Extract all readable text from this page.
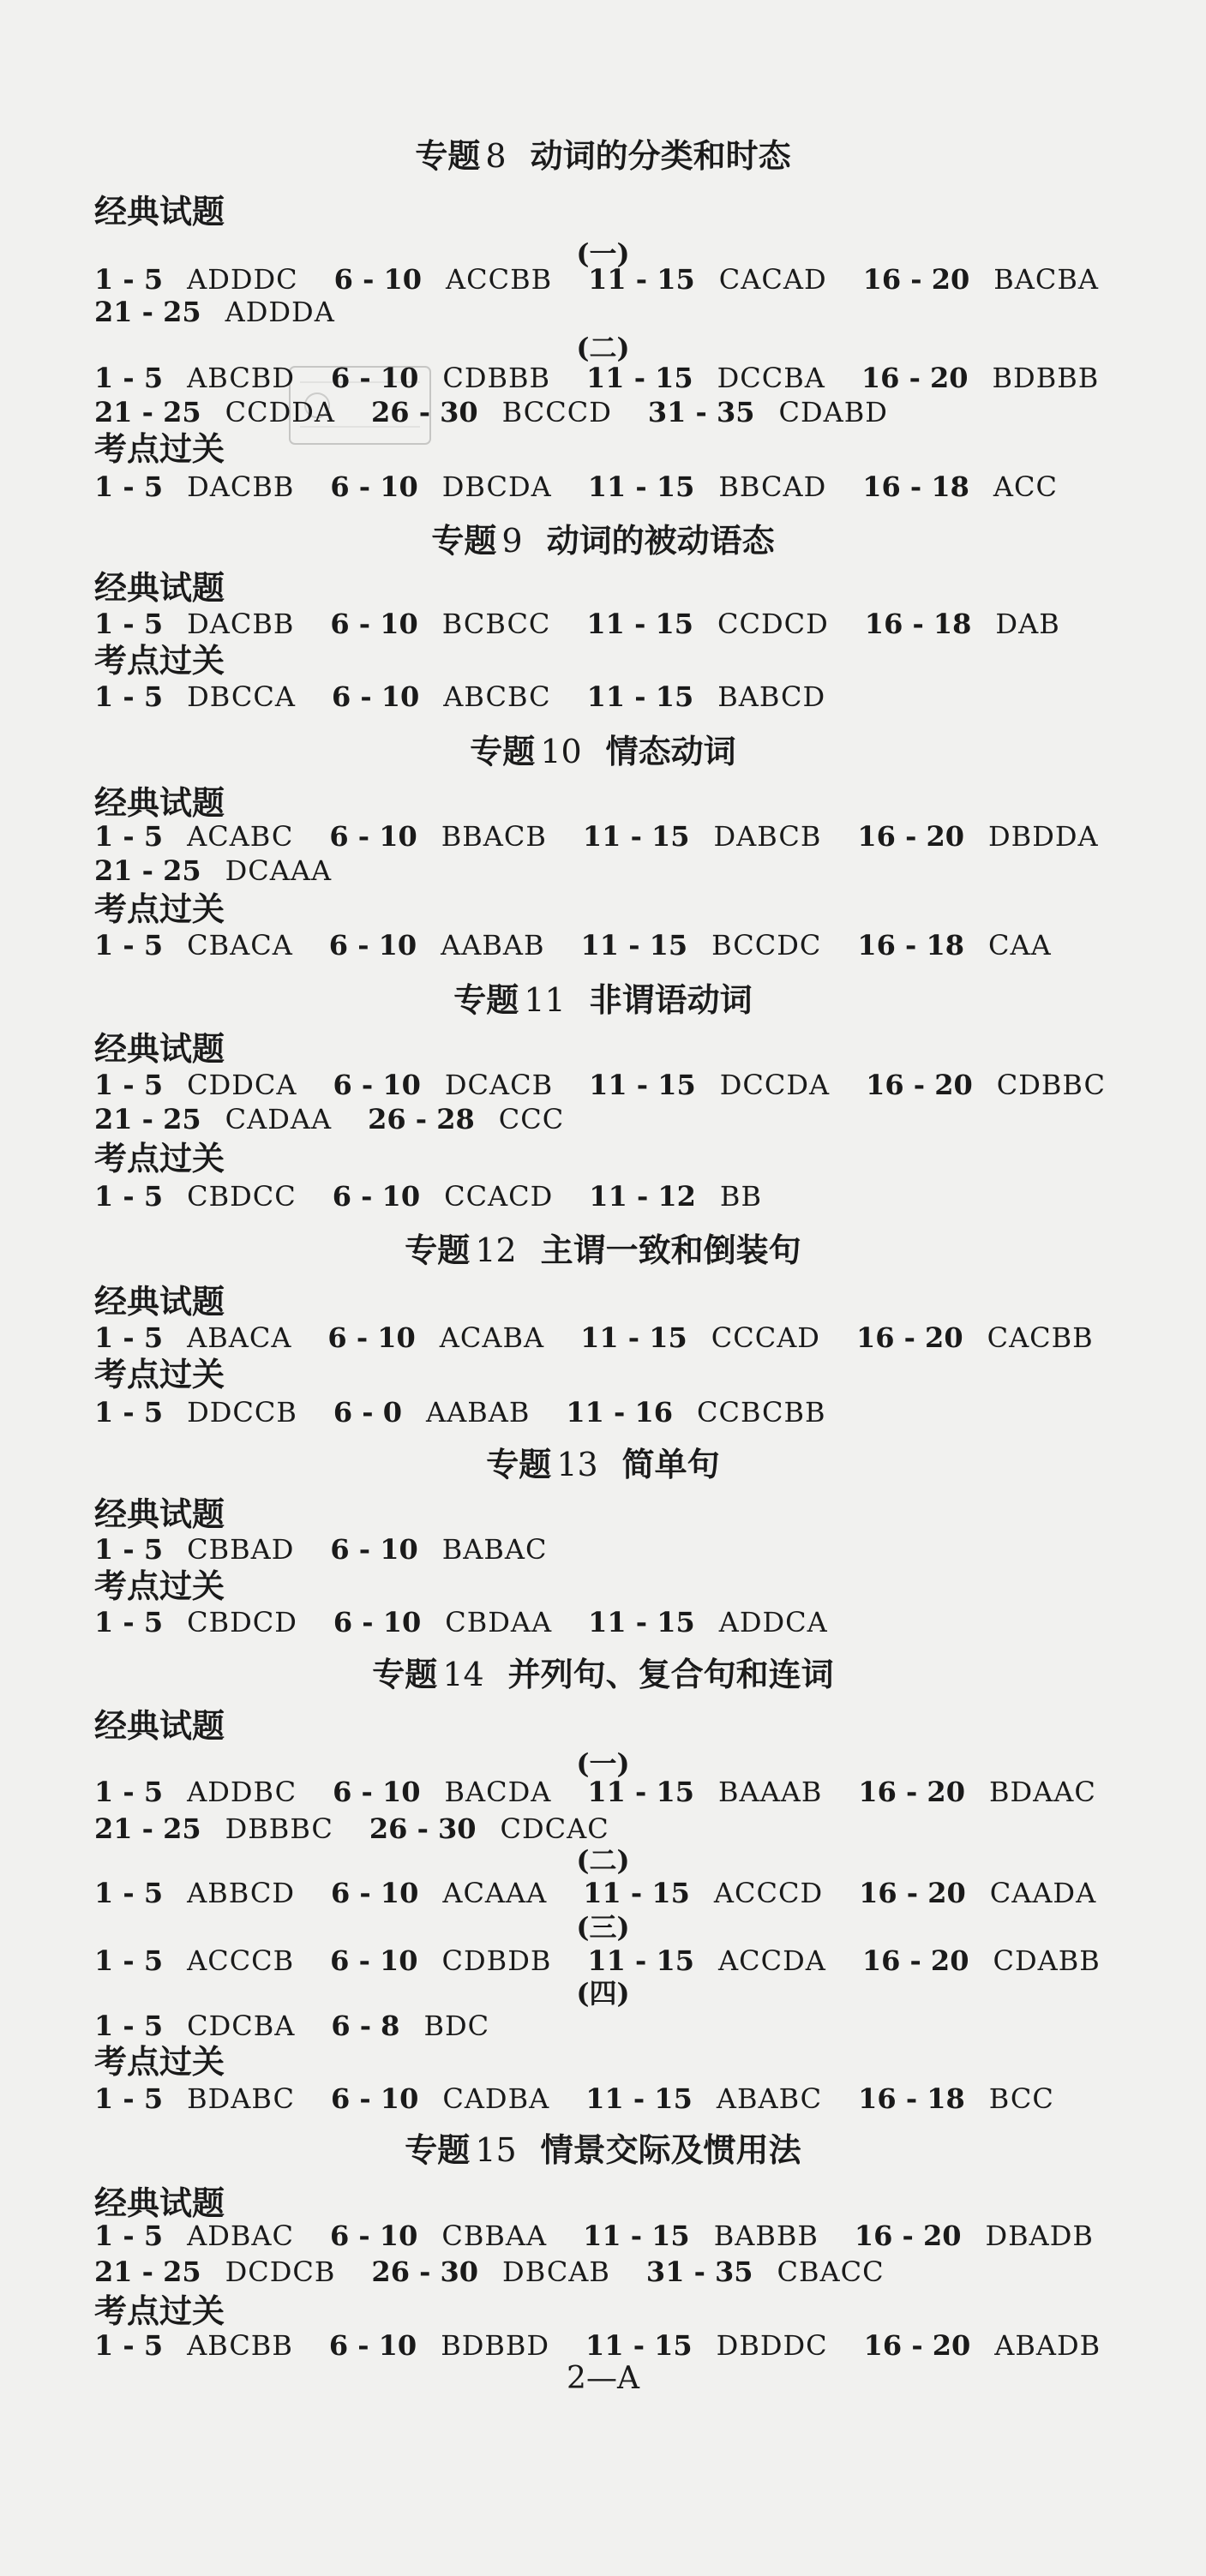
2—A
专题 8 动词的分类和时态
经典试题
(一)
1 - 5 ADDDC 6 - 10 ACCBB 11 - 15 CACAD 16 - 20 BACBA
21 - 25 ADDDA
(二)
1 - 5 ABCBD 6 - 10 CDBBB 11 - 15 DCCBA 16 - 20 BDBBB
21 - 25 CCDDA 26 - 30 BCCCD 31 - 35 CDABD
考点过关
1 - 5 DACBB 6 - 10 DBCDA 11 - 15 BBCAD 16 - 18 ACC
专题 9 动词的被动语态
经典试题
1 - 5 DACBB 6 - 10 BCBCC 11 - 15 CCDCD 16 - 18 DAB
考点过关
1 - 5 DBCCA 6 - 10 ABCBC 11 - 15 BABCD
专题 10 情态动词
经典试题
1 - 5 ACABC 6 - 10 BBACB 11 - 15 DABCB 16 - 20 DBDDA
21 - 25 DCAAA
考点过关
1 - 5 CBACA 6 - 10 AABAB 11 - 15 BCCDC 16 - 18 CAA
专题 11 非谓语动词
经典试题
1 - 5 CDDCA 6 - 10 DCACB 11 - 15 DCCDA 16 - 20 CDBBC
21 - 25 CADAA 26 - 28 CCC
考点过关
1 - 5 CBDCC 6 - 10 CCACD 11 - 12 BB
专题 12 主谓一致和倒装句
经典试题
1 - 5 ABACA 6 - 10 ACABA 11 - 15 CCCAD 16 - 20 CACBB
考点过关
1 - 5 DDCCB 6 - 0 AABAB 11 - 16 CCBCBB
专题 13 简单句
经典试题
1 - 5 CBBAD 6 - 10 BABAC
考点过关
1 - 5 CBDCD 6 - 10 CBDAA 11 - 15 ADDCA
专题 14 并列句、复合句和连词
经典试题
(一)
1 - 5 ADDBC 6 - 10 BACDA 11 - 15 BAAAB 16 - 20 BDAAC
21 - 25 DBBBC 26 - 30 CDCAC
(二)
1 - 5 ABBCD 6 - 10 ACAAA 11 - 15 ACCCD 16 - 20 CAADA
(三)
1 - 5 ACCCB 6 - 10 CDBDB 11 - 15 ACCDA 16 - 20 CDABB
(四)
1 - 5 CDCBA 6 - 8 BDC
考点过关
1 - 5 BDABC 6 - 10 CADBA 11 - 15 ABABC 16 - 18 BCC
专题 15 情景交际及惯用法
经典试题
1 - 5 ADBAC 6 - 10 CBBAA 11 - 15 BABBB 16 - 20 DBADB
21 - 25 DCDCB 26 - 30 DBCAB 31 - 35 CBACC
考点过关
1 - 5 ABCBB 6 - 10 BDBBD 11 - 15 DBDDC 16 - 20 ABADB
